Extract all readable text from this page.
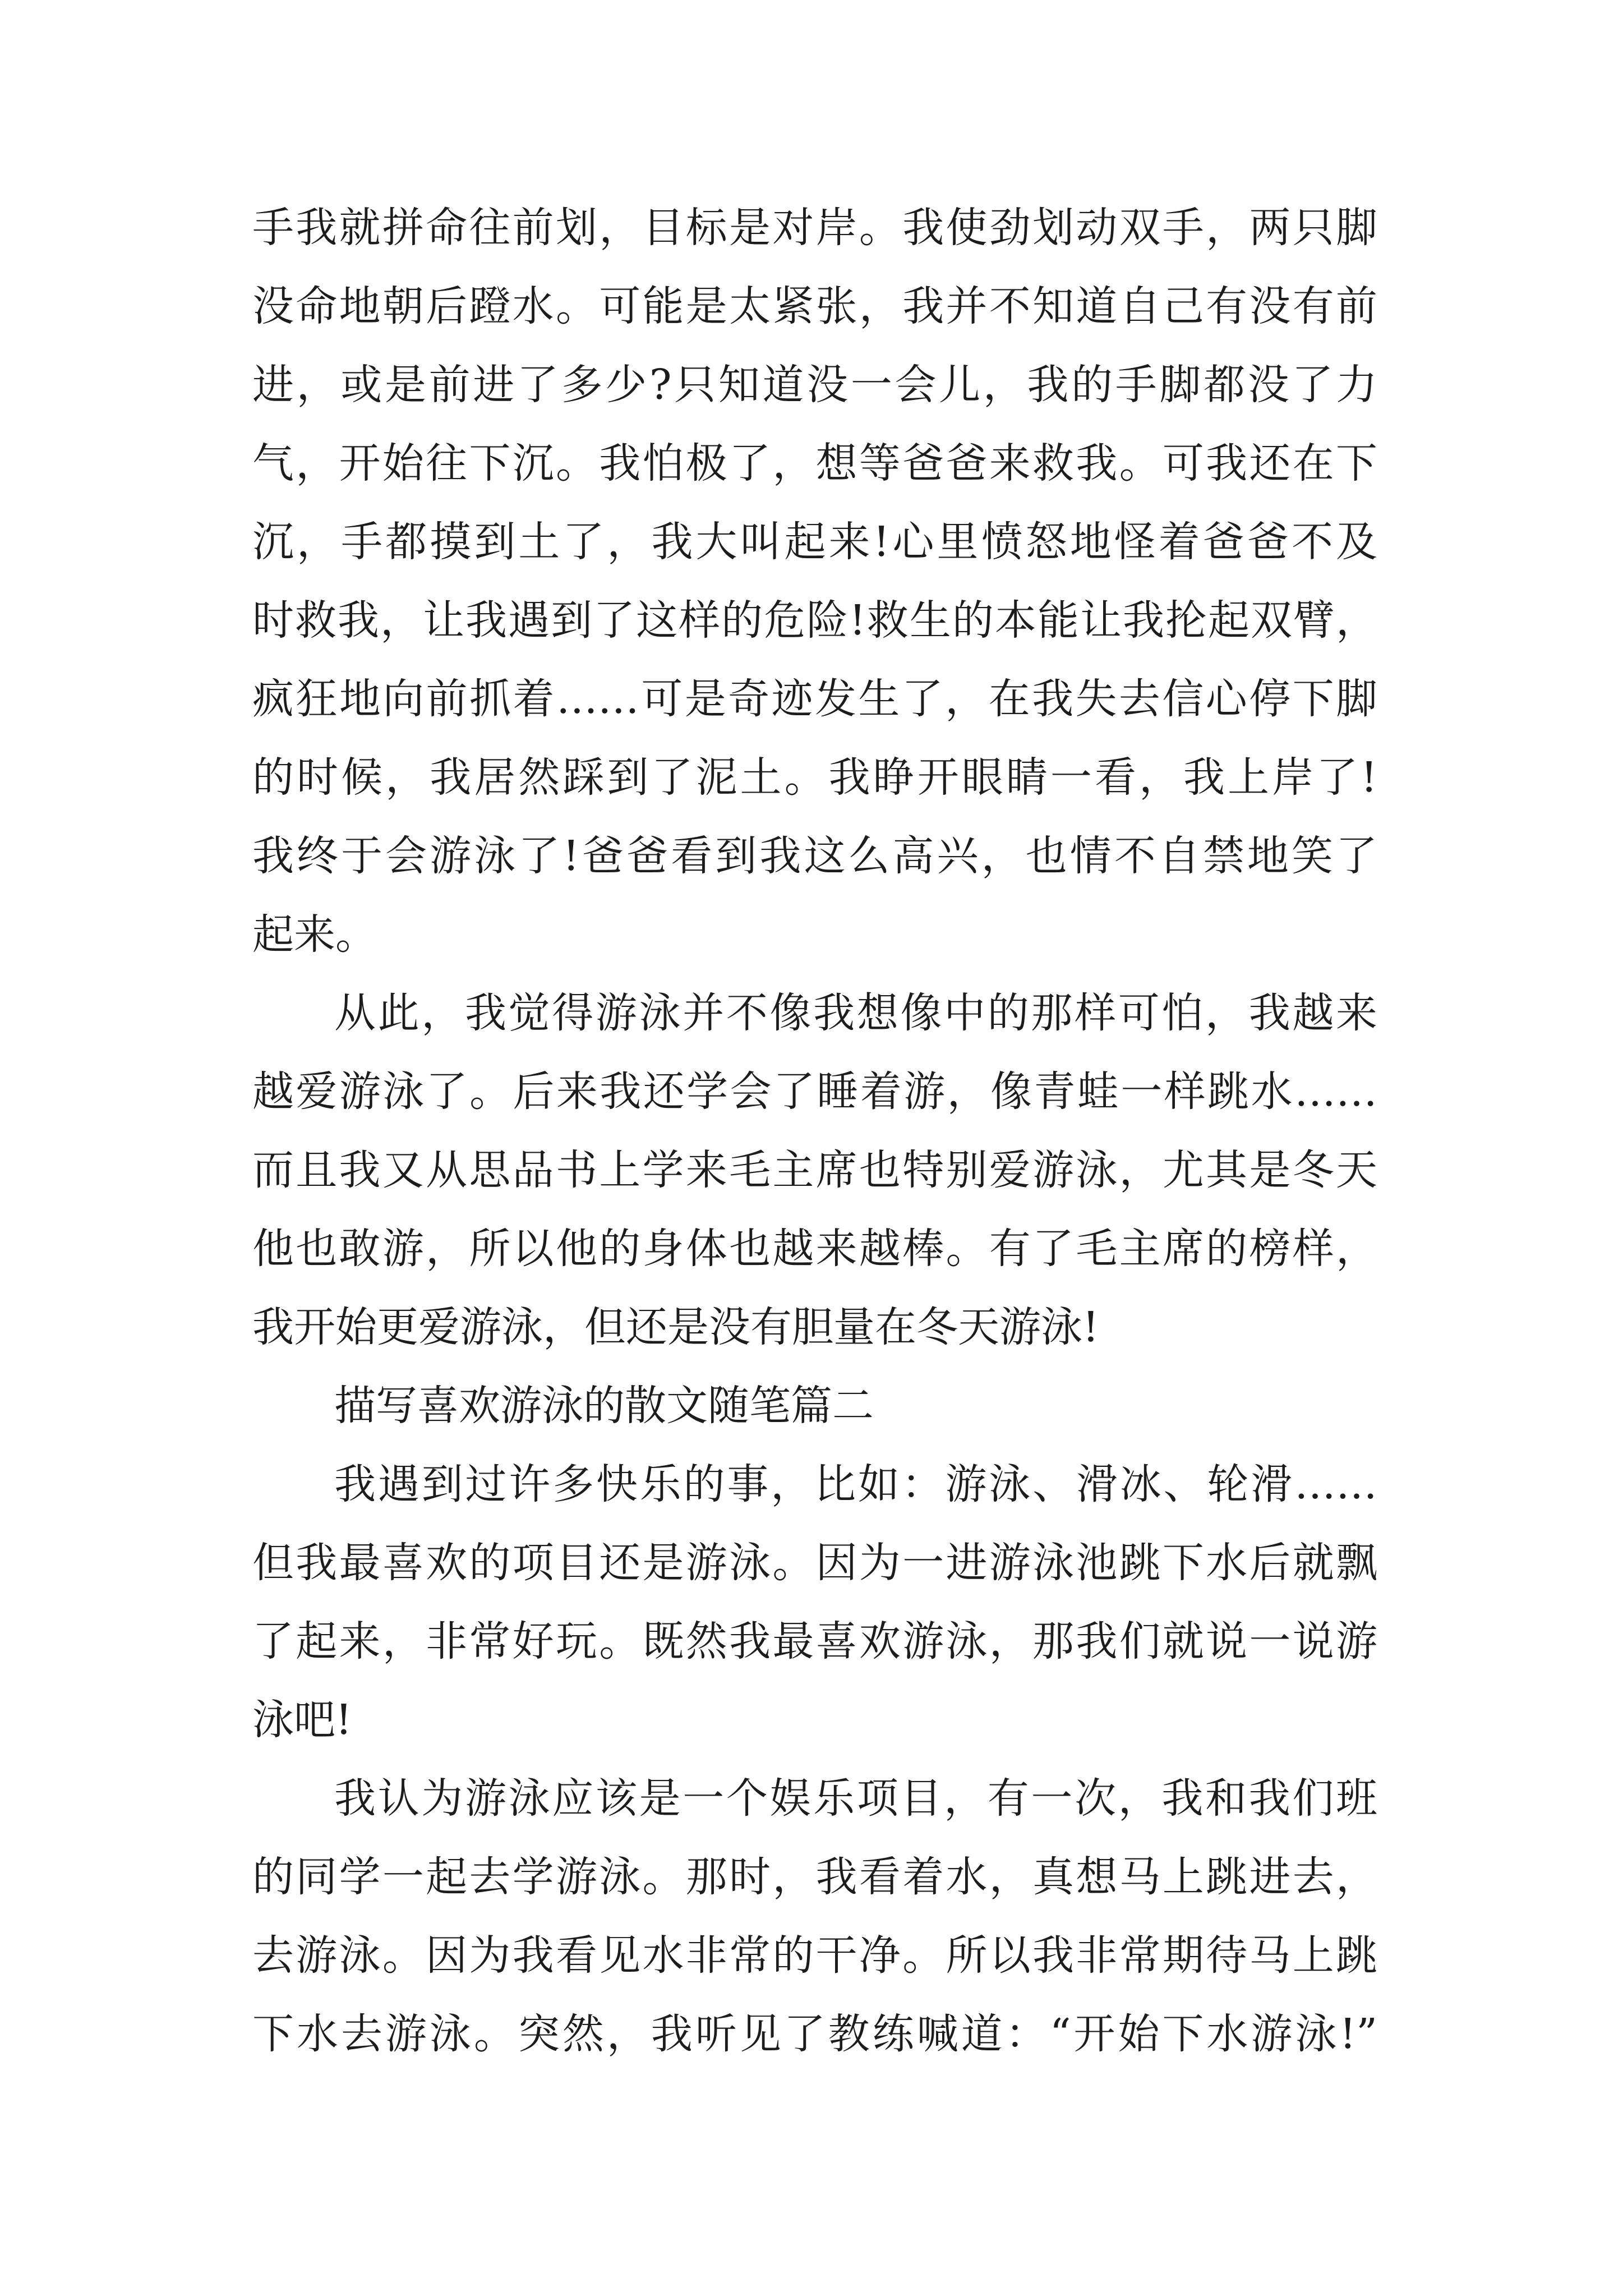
手我就拼命往前划，目标是对岸。我使劲划动双手，两只脚

没命地朝后蹬水。可能是太紧张，我并不知道自己有没有前

进，或是前进了多少?只知道没一会儿，我的手脚都没了力

气，开始往下沉。我怕极了，想等爸爸来救我。可我还在下

沉，手都摸到土了，我大叫起来!心里愤怒地怪着爸爸不及

时救我，让我遇到了这样的危险!救生的本能让我抡起双臂，

疯狂地向前抓着……可是奇迹发生了，在我失去信心停下脚

的时候，我居然踩到了泥土。我睁开眼睛一看，我上岸了!

我终于会游泳了!爸爸看到我这么高兴，也情不自禁地笑了

起来。

从此，我觉得游泳并不像我想像中的那样可怕，我越来

越爱游泳了。后来我还学会了睡着游，像青蛙一样跳水……

而且我又从思品书上学来毛主席也特别爱游泳，尤其是冬天

他也敢游，所以他的身体也越来越棒。有了毛主席的榜样，

我开始更爱游泳，但还是没有胆量在冬天游泳!

描写喜欢游泳的散文随笔篇二

我遇到过许多快乐的事，比如：游泳、滑冰、轮滑……

但我最喜欢的项目还是游泳。因为一进游泳池跳下水后就飘

了起来，非常好玩。既然我最喜欢游泳，那我们就说一说游

泳吧!

我认为游泳应该是一个娱乐项目，有一次，我和我们班

的同学一起去学游泳。那时，我看着水，真想马上跳进去，

去游泳。因为我看见水非常的干净。所以我非常期待马上跳

下水去游泳。突然，我听见了教练喊道：“开始下水游泳!”
